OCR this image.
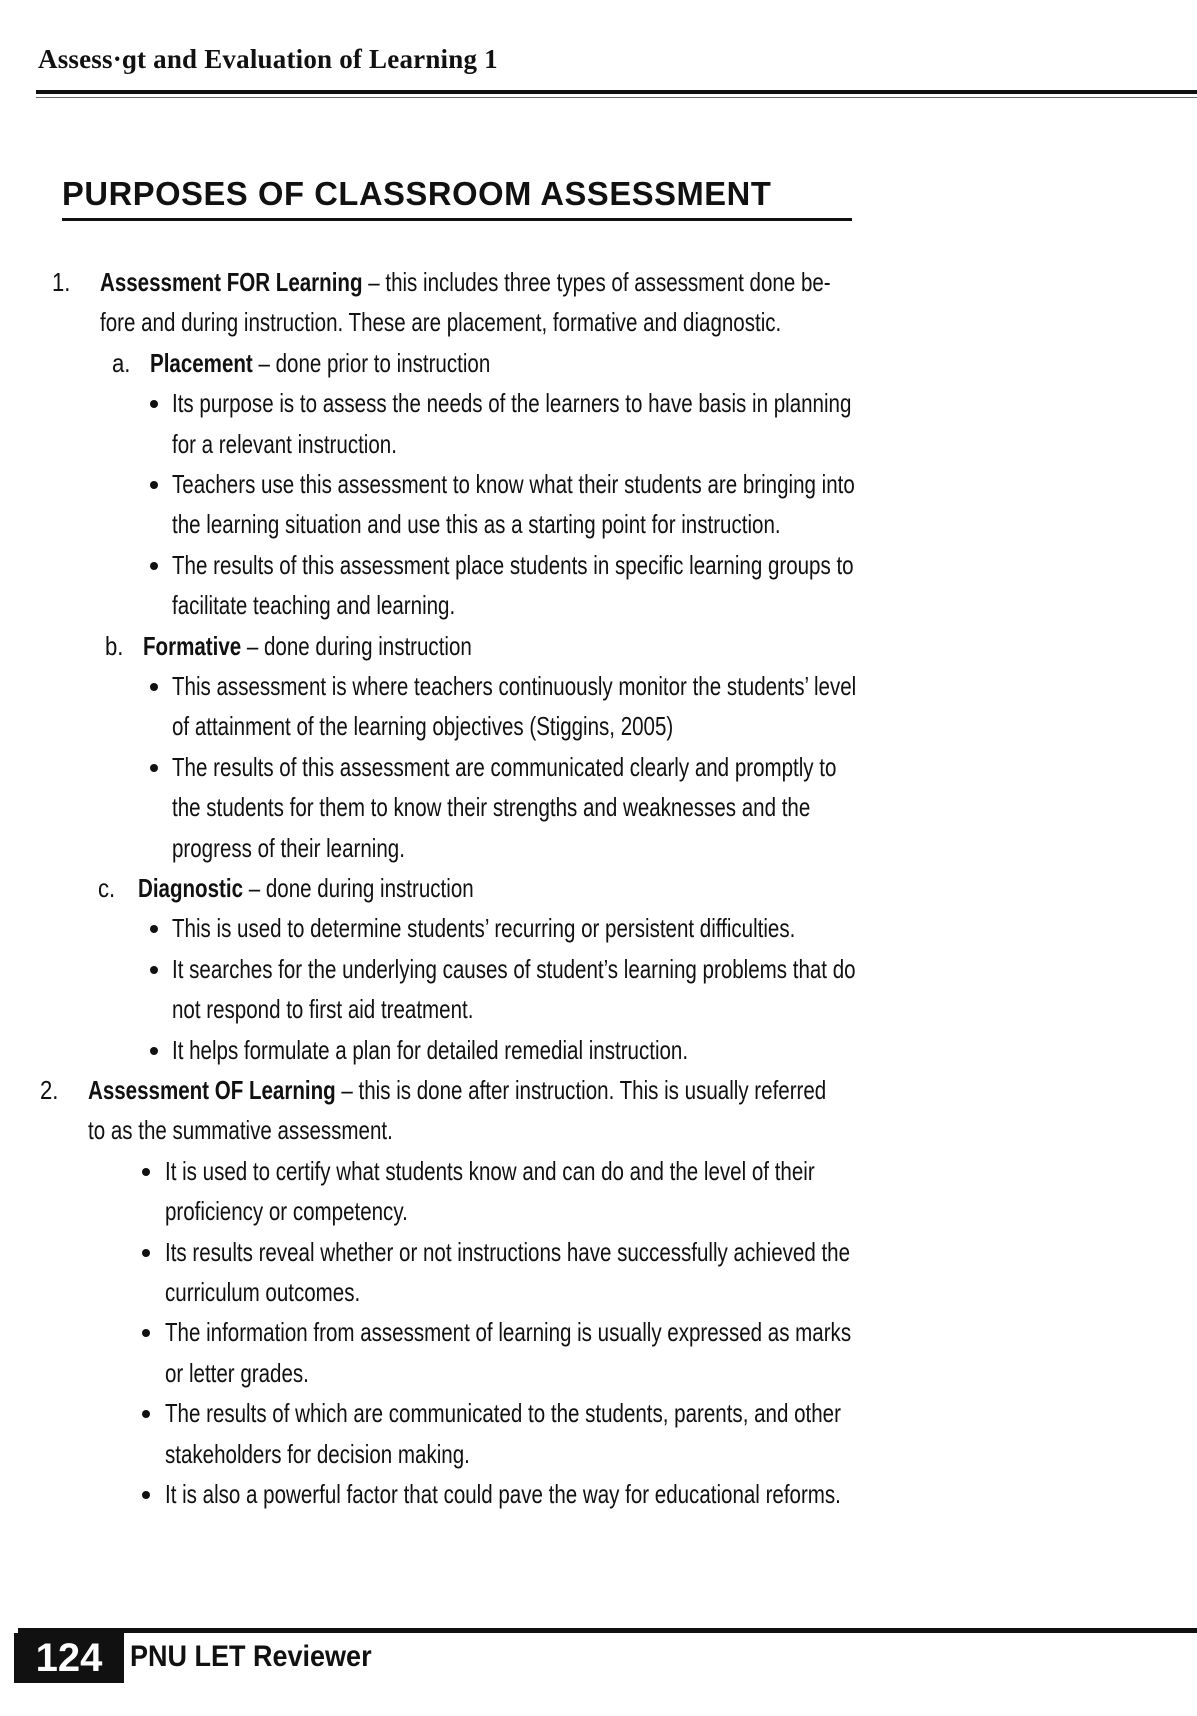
Assess·ɡt and Evaluation of Learning 1
PURPOSES OF CLASSROOM ASSESSMENT
1. Assessment FOR Learning – this includes three types of assessment done be-
fore and during instruction. These are placement, formative and diagnostic.
a. Placement – done prior to instruction
Its purpose is to assess the needs of the learners to have basis in planning
for a relevant instruction.
Teachers use this assessment to know what their students are bringing into
the learning situation and use this as a starting point for instruction.
The results of this assessment place students in specific learning groups to
facilitate teaching and learning.
b. Formative – done during instruction
This assessment is where teachers continuously monitor the students’ level
of attainment of the learning objectives (Stiggins, 2005)
The results of this assessment are communicated clearly and promptly to
the students for them to know their strengths and weaknesses and the
progress of their learning.
c. Diagnostic – done during instruction
This is used to determine students’ recurring or persistent difficulties.
It searches for the underlying causes of student’s learning problems that do
not respond to first aid treatment.
It helps formulate a plan for detailed remedial instruction.
2. Assessment OF Learning – this is done after instruction. This is usually referred
to as the summative assessment.
It is used to certify what students know and can do and the level of their
proficiency or competency.
Its results reveal whether or not instructions have successfully achieved the
curriculum outcomes.
The information from assessment of learning is usually expressed as marks
or letter grades.
The results of which are communicated to the students, parents, and other
stakeholders for decision making.
It is also a powerful factor that could pave the way for educational reforms.
124 PNU LET Reviewer
